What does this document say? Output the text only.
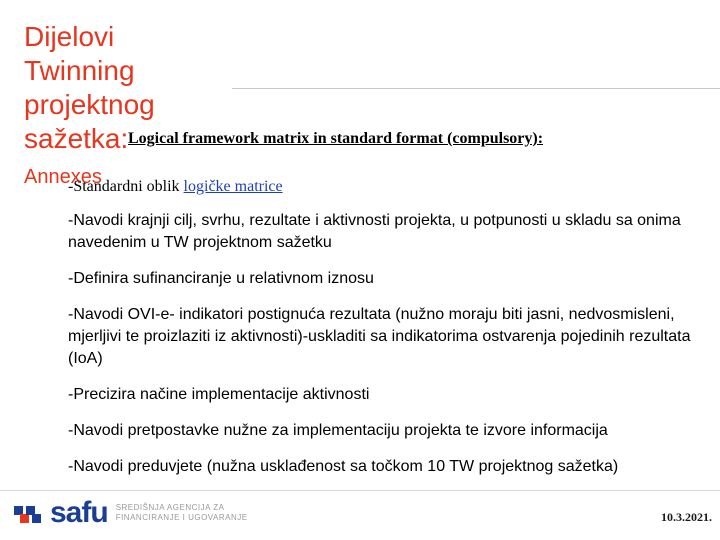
Dijelovi
Twinning
projektnog
sažetka: Logical framework matrix in standard format (compulsory):
Annexes
-Standardni oblik logičke matrice

-Navodi krajnji cilj, svrhu, rezultate i aktivnosti projekta, u potpunosti u skladu sa onima navedenim u TW projektnom sažetku

-Definira sufinanciranje u relativnom iznosu

-Navodi OVI-e- indikatori postignuća rezultata (nužno moraju biti jasni, nedvosmisleni, mjerljivi te proizlaziti iz aktivnosti)-uskladiti sa indikatorima ostvarenja pojedinih rezultata (IoA)

-Precizira načine implementacije aktivnosti

-Navodi pretpostavke nužne za implementaciju projekta te izvore informacija

-Navodi preduvjete (nužna usklađenost sa točkom 10 TW projektnog sažetka)

safu SREDIŠNJA AGENCIJA ZA
FINANCIRANJE I UGOVARANJE	10.3.2021.
